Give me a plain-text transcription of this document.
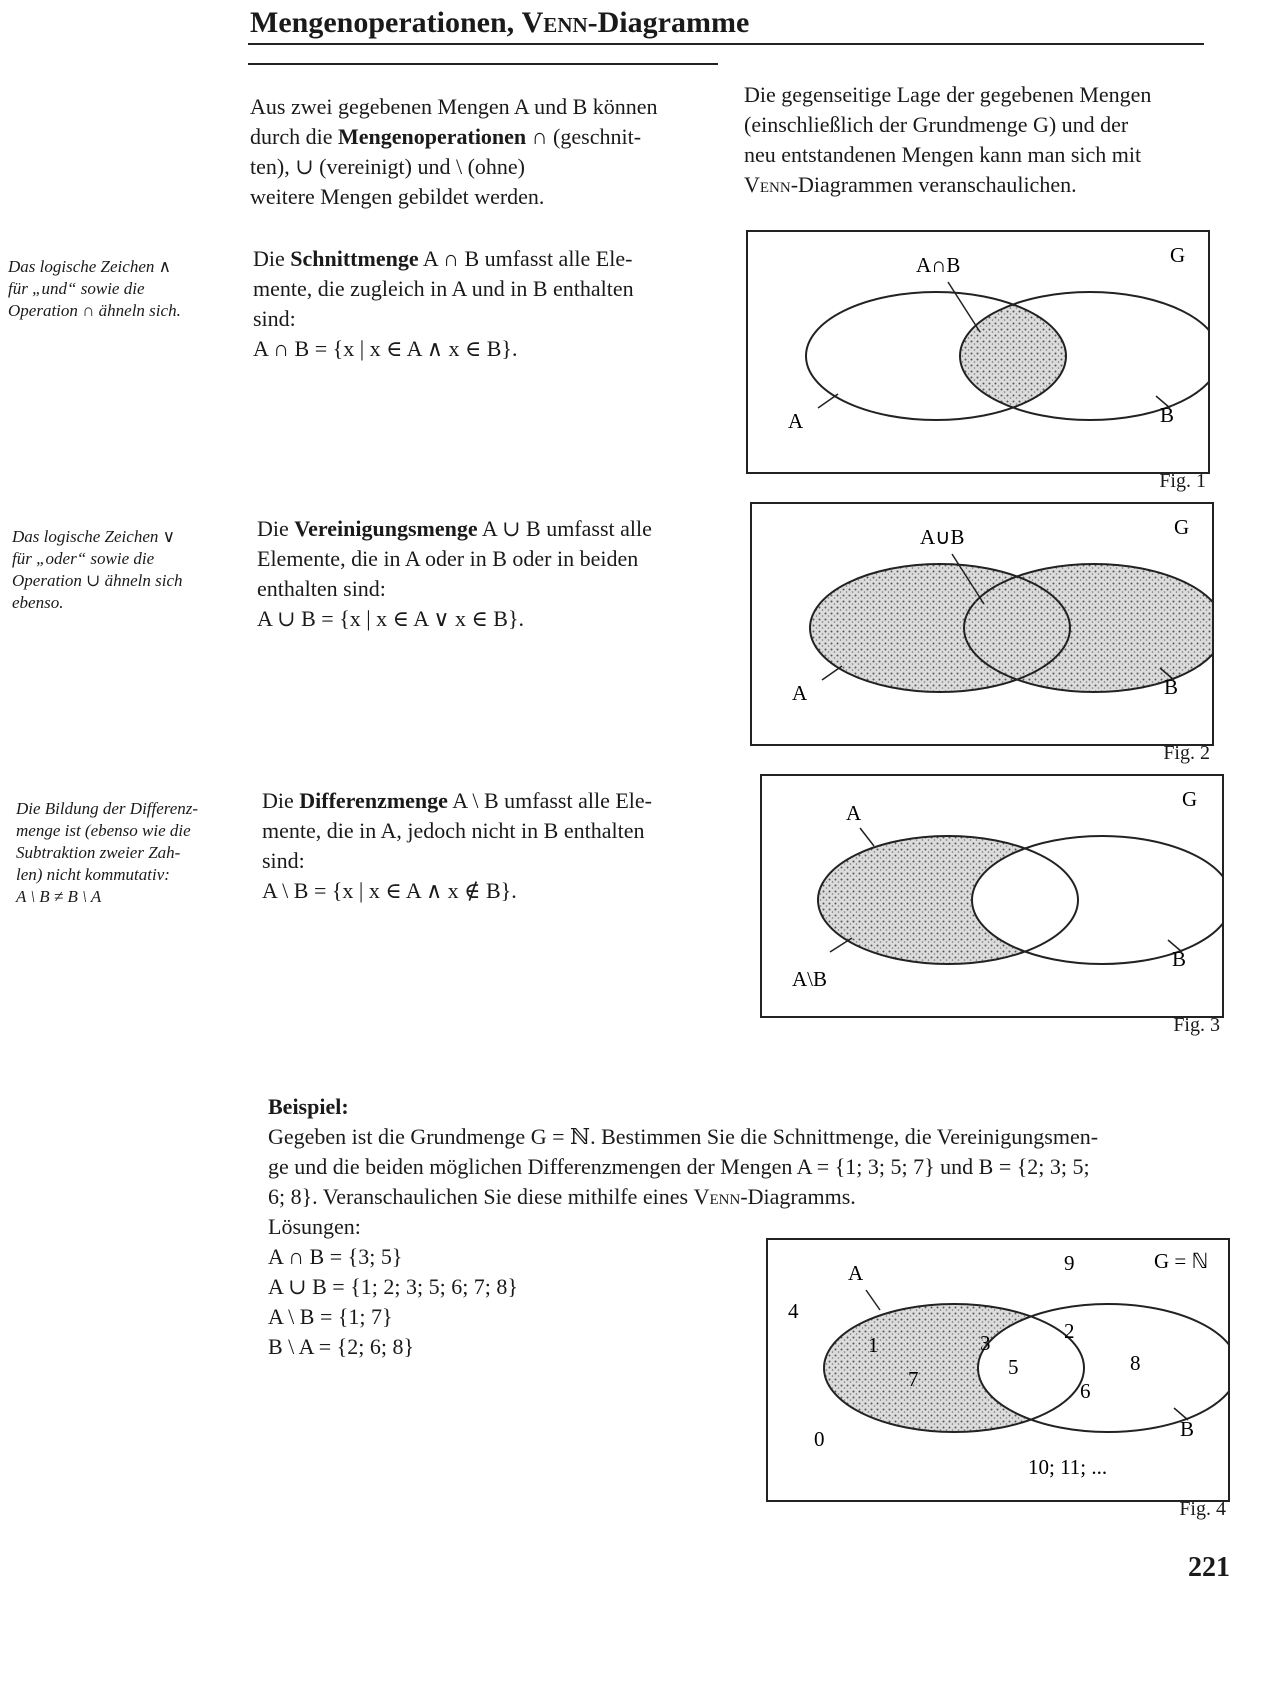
Mengenoperationen, Venn-Diagramme

Aus zwei gegebenen Mengen A und B können

durch die Mengenoperationen ∩ (geschnit-

ten), ∪ (vereinigt) und \ (ohne)

weitere Mengen gebildet werden.

Die gegenseitige Lage der gegebenen Mengen

(einschließlich der Grundmenge G) und der

neu entstandenen Mengen kann man sich mit

Venn-Diagrammen veranschaulichen.

Das logische Zeichen ∧

für „und“ sowie die

Operation ∩ ähneln sich.

Die Schnittmenge A ∩ B umfasst alle Ele-

mente, die zugleich in A und in B enthalten

sind:

A ∩ B = {x | x ∈ A ∧ x ∈ B}.

A∩B	G
A	B
Fig. 1

Das logische Zeichen ∨

für „oder“ sowie die

Operation ∪ ähneln sich

ebenso.

Die Vereinigungsmenge A ∪ B umfasst alle

Elemente, die in A oder in B oder in beiden

enthalten sind:

A ∪ B = {x | x ∈ A ∨ x ∈ B}.

A∪B	G
A	B
Fig. 2

Die Bildung der Differenz-

menge ist (ebenso wie die

Subtraktion zweier Zah-

len) nicht kommutativ:

A \ B ≠ B \ A

Die Differenzmenge A \ B umfasst alle Ele-

mente, die in A, jedoch nicht in B enthalten

sind:

A \ B = {x | x ∈ A ∧ x ∉ B}.

A
G
A\B
B
Fig. 3

Beispiel:

Gegeben ist die Grundmenge G = ℕ. Bestimmen Sie die Schnittmenge, die Vereinigungsmen-

ge und die beiden möglichen Differenzmengen der Mengen A = {1; 3; 5; 7} und B = {2; 3; 5;

6; 8}. Veranschaulichen Sie diese mithilfe eines Venn-Diagramms.

Lösungen:

A ∩ B = {3; 5}

A ∪ B = {1; 2; 3; 5; 6; 7; 8}

A \ B = {1; 7}

B \ A = {2; 6; 8}

A	G = ℕ
B
1
7
3
5
2
8
6
4
9
0
10; 11; ...
Fig. 4
221
